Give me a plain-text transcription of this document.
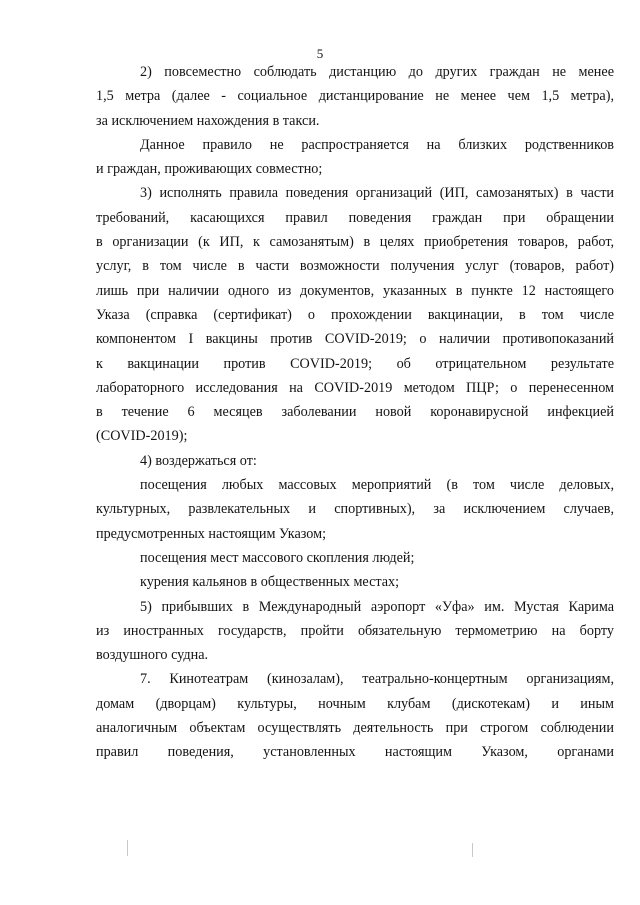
5
2) повсеместно соблюдать дистанцию до других граждан не менее
1,5 метра (далее - социальное дистанцирование не менее чем 1,5 метра),
за исключением нахождения в такси.
Данное правило не распространяется на близких родственников
и граждан, проживающих совместно;
3) исполнять правила поведения организаций (ИП, самозанятых) в части
требований, касающихся правил поведения граждан при обращении
в организации (к ИП, к самозанятым) в целях приобретения товаров, работ,
услуг, в том числе в части возможности получения услуг (товаров, работ)
лишь при наличии одного из документов, указанных в пункте 12 настоящего
Указа (справка (сертификат) о прохождении вакцинации, в том числе
компонентом I вакцины против COVID-2019; о наличии противопоказаний
к вакцинации против COVID-2019; об отрицательном результате
лабораторного исследования на COVID-2019 методом ПЦР; о перенесенном
в течение 6 месяцев заболевании новой коронавирусной инфекцией
(COVID-2019);
4) воздержаться от:
посещения любых массовых мероприятий (в том числе деловых,
культурных, развлекательных и спортивных), за исключением случаев,
предусмотренных настоящим Указом;
посещения мест массового скопления людей;
курения кальянов в общественных местах;
5) прибывших в Международный аэропорт «Уфа» им. Мустая Карима
из иностранных государств, пройти обязательную термометрию на борту
воздушного судна.
7. Кинотеатрам (кинозалам), театрально-концертным организациям,
домам (дворцам) культуры, ночным клубам (дискотекам) и иным
аналогичным объектам осуществлять деятельность при строгом соблюдении
правил поведения, установленных настоящим Указом, органами
